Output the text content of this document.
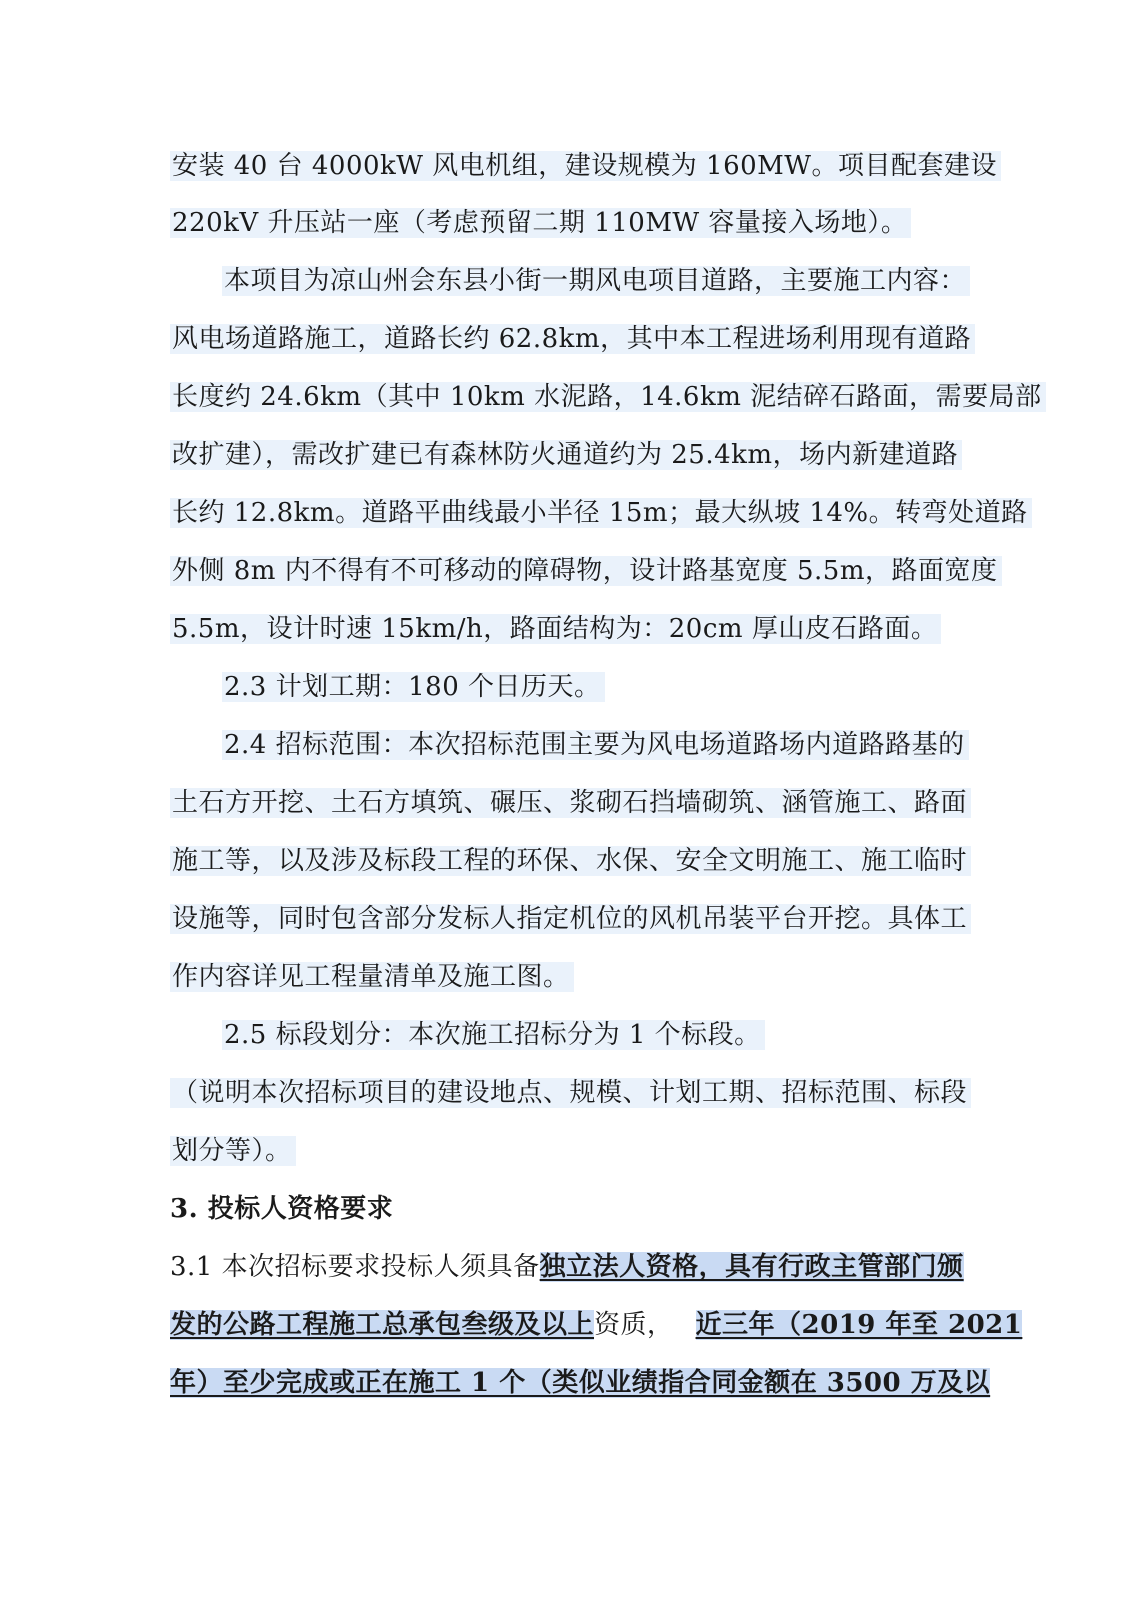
安装 40 台 4000kW 风电机组，建设规模为 160MW。项目配套建设
220kV 升压站一座（考虑预留二期 110MW 容量接入场地）。
本项目为凉山州会东县小街一期风电项目道路，主要施工内容：
风电场道路施工，道路长约 62.8km，其中本工程进场利用现有道路
长度约 24.6km（其中 10km 水泥路，14.6km 泥结碎石路面，需要局部
改扩建），需改扩建已有森林防火通道约为 25.4km，场内新建道路
长约 12.8km。道路平曲线最小半径 15m；最大纵坡 14%。转弯处道路
外侧 8m 内不得有不可移动的障碍物，设计路基宽度 5.5m，路面宽度
5.5m，设计时速 15km/h，路面结构为：20cm 厚山皮石路面。
2.3 计划工期：180 个日历天。
2.4 招标范围：本次招标范围主要为风电场道路场内道路路基的
土石方开挖、土石方填筑、碾压、浆砌石挡墙砌筑、涵管施工、路面
施工等，以及涉及标段工程的环保、水保、安全文明施工、施工临时
设施等，同时包含部分发标人指定机位的风机吊装平台开挖。具体工
作内容详见工程量清单及施工图。
2.5 标段划分：本次施工招标分为 1 个标段。
（说明本次招标项目的建设地点、规模、计划工期、招标范围、标段
划分等）。
3. 投标人资格要求
3.1 本次招标要求投标人须具备独立法人资格，具有行政主管部门颁
发的公路工程施工总承包叁级及以上资质， 近三年（2019 年至 2021
年）至少完成或正在施工 1 个（类似业绩指合同金额在 3500 万及以
